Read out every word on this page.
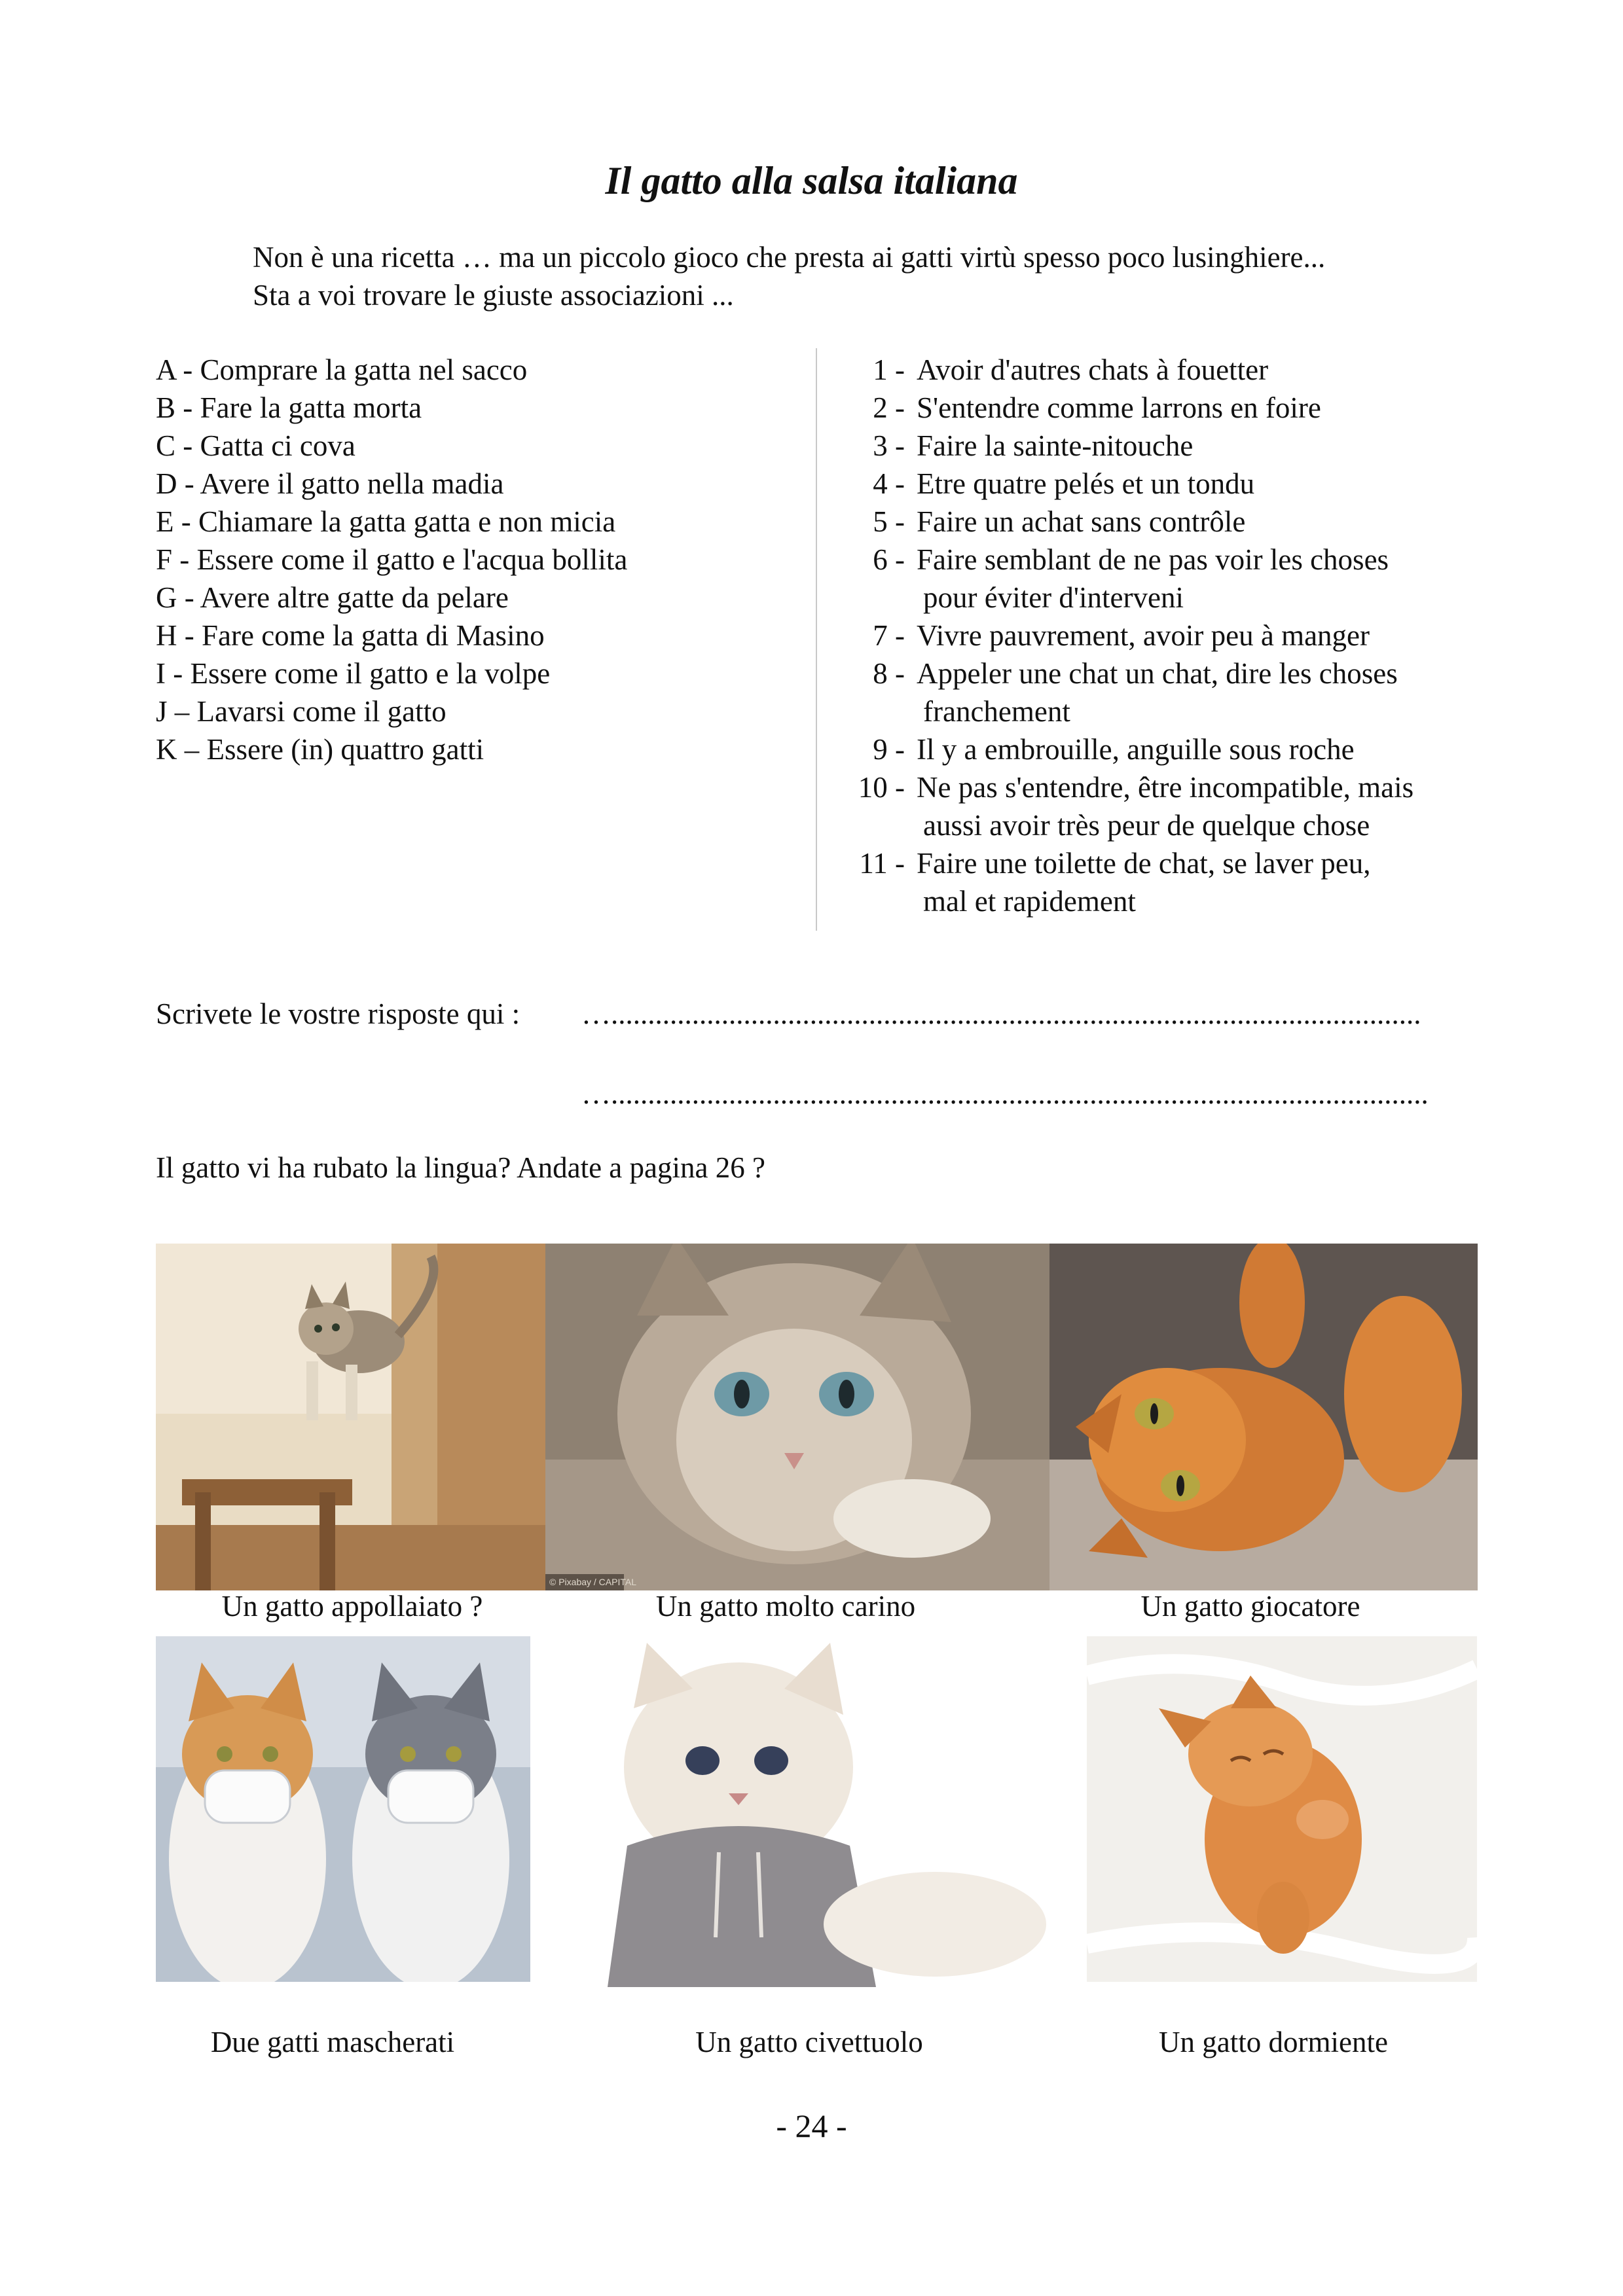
Il gatto alla salsa italiana
Non è una ricetta … ma un piccolo gioco che presta ai gatti virtù spesso poco lusinghiere...
Sta a voi trovare le giuste associazioni ...
A - Comprare la gatta nel sacco
B - Fare la gatta morta
C - Gatta ci cova
D - Avere il gatto nella madia
E - Chiamare la gatta gatta e non micia
F - Essere come il gatto e l'acqua bollita
G - Avere altre gatte da pelare
H - Fare come la gatta di Masino
I - Essere come il gatto e la volpe
J – Lavarsi come il gatto
K – Essere (in) quattro gatti
1 - Avoir d'autres chats à fouetter
2 - S'entendre comme larrons en foire
3 - Faire la sainte-nitouche
4 - Etre quatre pelés et un tondu
5 - Faire un achat sans contrôle
6 - Faire semblant de ne pas voir les choses
pour éviter d'interveni
7 - Vivre pauvrement, avoir peu à manger
8 - Appeler une chat un chat, dire les choses
franchement
9 - Il y a embrouille, anguille sous roche
10 - Ne pas s'entendre, être incompatible, mais
aussi avoir très peur de quelque chose
11 - Faire une toilette de chat, se laver peu,
mal et rapidement
Scrivete le vostre risposte qui : …..............................................................................................................
…...............................................................................................................
Il gatto vi ha rubato la lingua? Andate a pagina 26 ?
© Pixabay / CAPITAL
Un gatto appollaiato ?	Un gatto molto carino	Un gatto giocatore
Due gatti mascherati	Un gatto civettuolo	Un gatto dormiente
- 24 -
